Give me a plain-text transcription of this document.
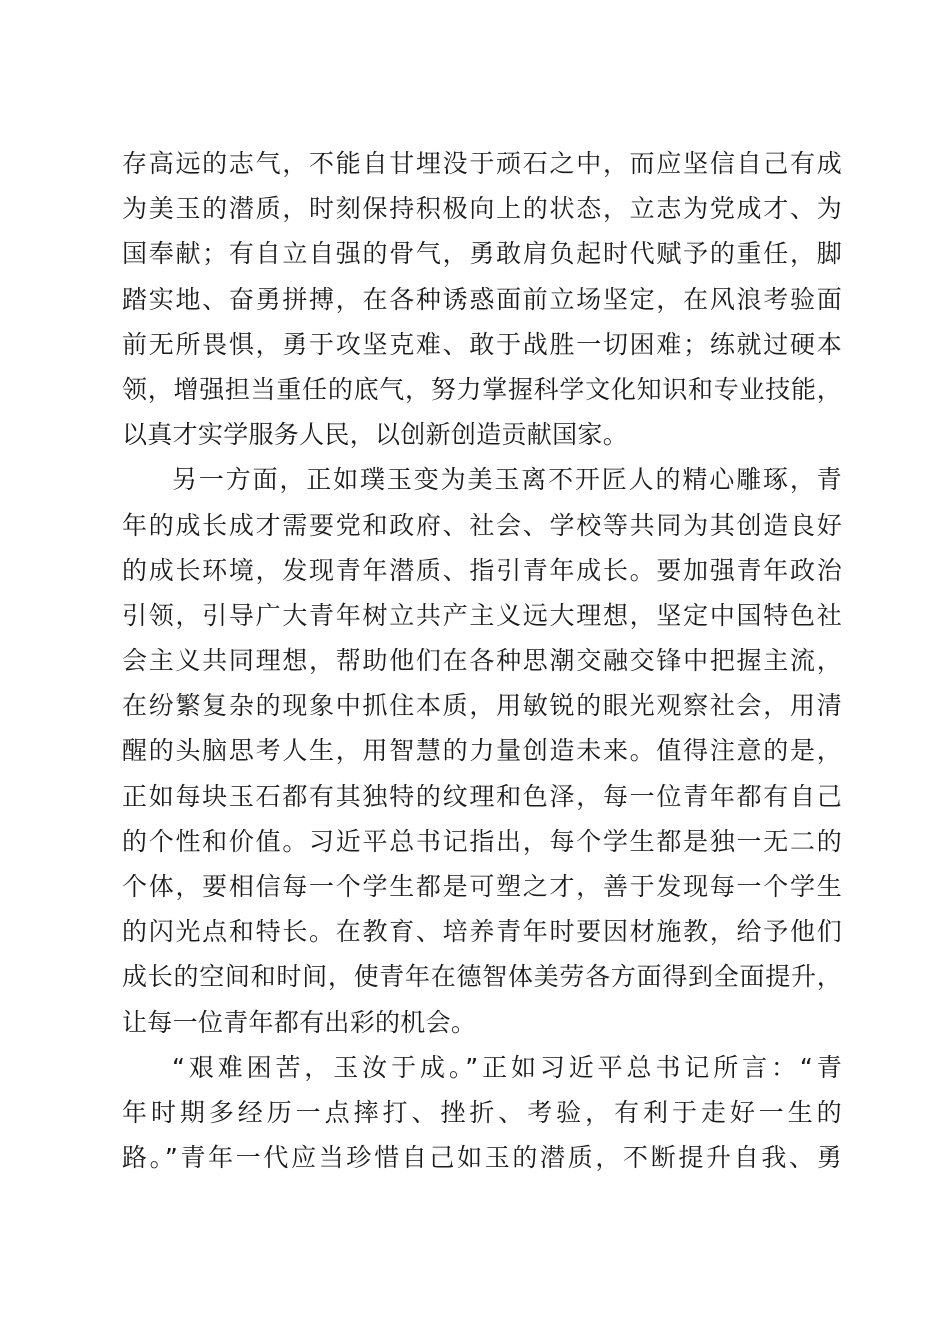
存高远的志气，不能自甘埋没于顽石之中，而应坚信自己有成
为美玉的潜质，时刻保持积极向上的状态，立志为党成才、为
国奉献；有自立自强的骨气，勇敢肩负起时代赋予的重任，脚
踏实地、奋勇拼搏，在各种诱惑面前立场坚定，在风浪考验面
前无所畏惧，勇于攻坚克难、敢于战胜一切困难；练就过硬本
领，增强担当重任的底气，努力掌握科学文化知识和专业技能，
以真才实学服务人民，以创新创造贡献国家。
另一方面，正如璞玉变为美玉离不开匠人的精心雕琢，青
年的成长成才需要党和政府、社会、学校等共同为其创造良好
的成长环境，发现青年潜质、指引青年成长。要加强青年政治
引领，引导广大青年树立共产主义远大理想，坚定中国特色社
会主义共同理想，帮助他们在各种思潮交融交锋中把握主流，
在纷繁复杂的现象中抓住本质，用敏锐的眼光观察社会，用清
醒的头脑思考人生，用智慧的力量创造未来。值得注意的是，
正如每块玉石都有其独特的纹理和色泽，每一位青年都有自己
的个性和价值。习近平总书记指出，每个学生都是独一无二的
个体，要相信每一个学生都是可塑之才，善于发现每一个学生
的闪光点和特长。在教育、培养青年时要因材施教，给予他们
成长的空间和时间，使青年在德智体美劳各方面得到全面提升，
让每一位青年都有出彩的机会。
“艰难困苦，玉汝于成。”正如习近平总书记所言：“青
年时期多经历一点摔打、挫折、考验，有利于走好一生的
路。”青年一代应当珍惜自己如玉的潜质，不断提升自我、勇
